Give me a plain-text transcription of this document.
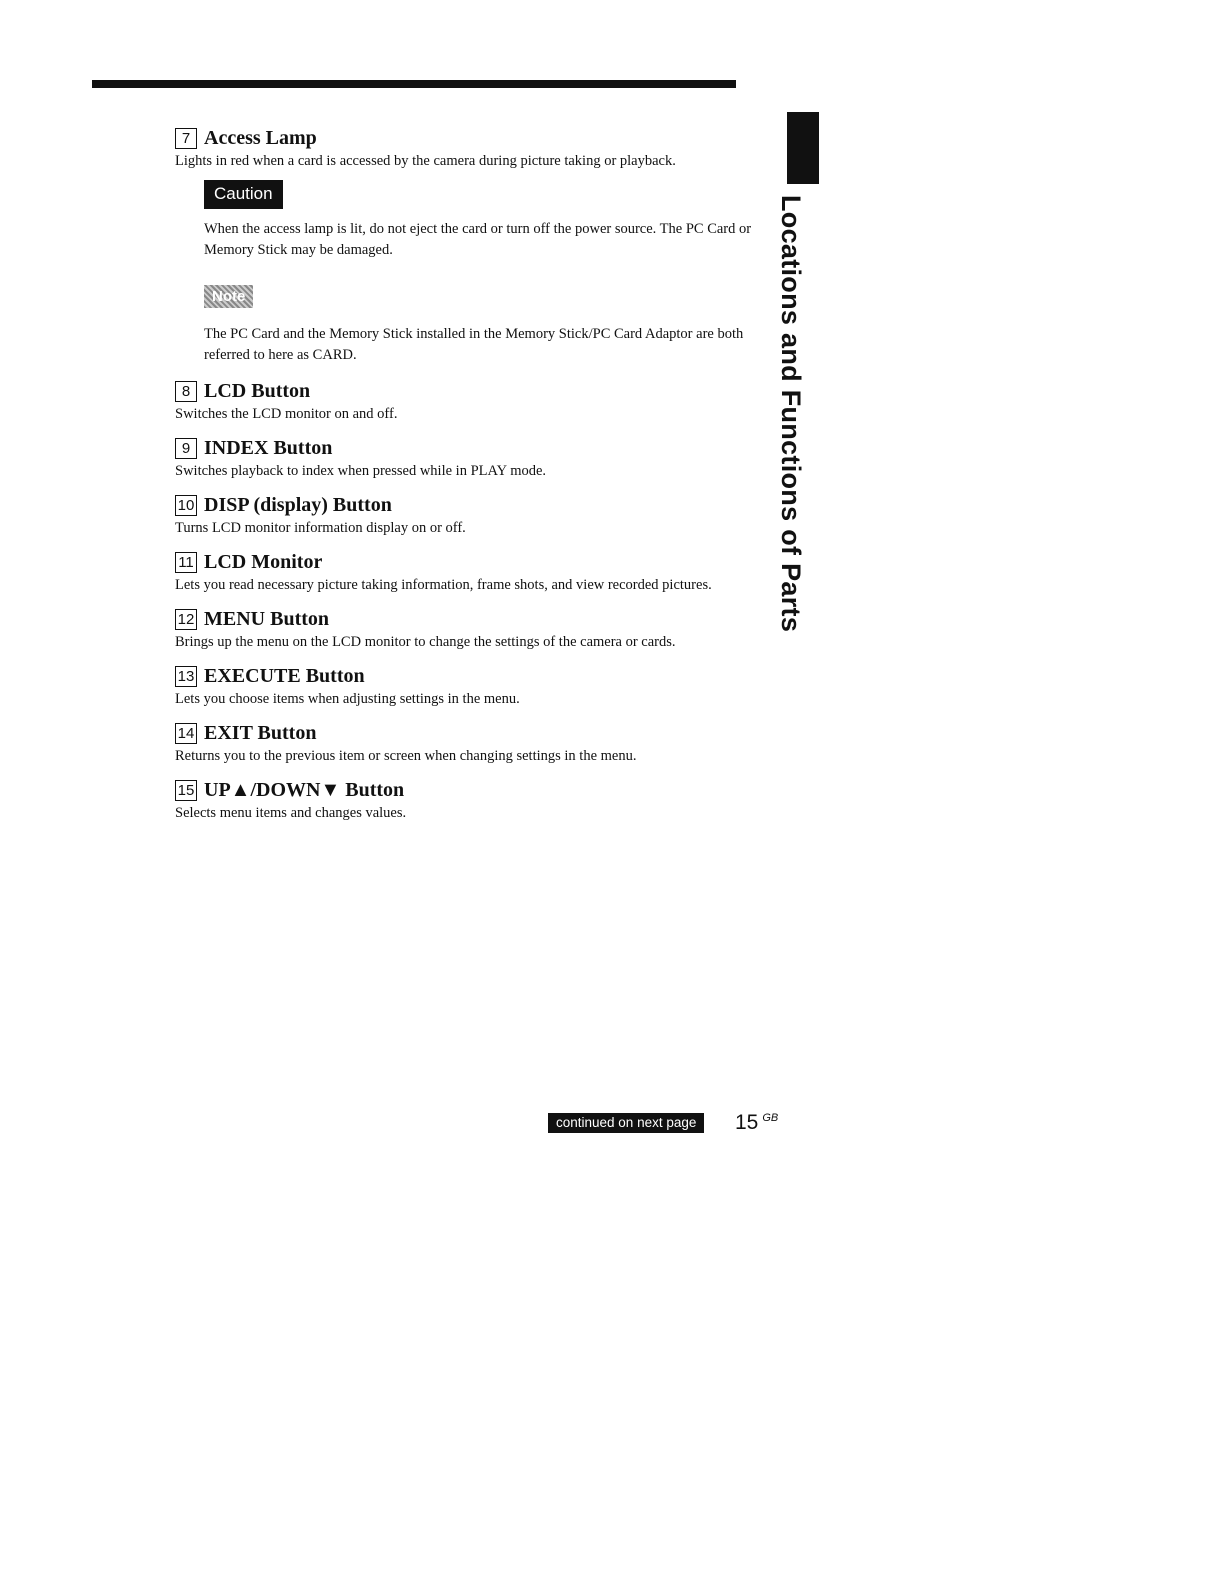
Locations and Functions of Parts
7 Access Lamp

Lights in red when a card is accessed by the camera during picture taking or playback.

Caution

When the access lamp is lit, do not eject the card or turn off the power source. The PC Card or Memory Stick may be damaged.

Note

The PC Card and the Memory Stick installed in the Memory Stick/PC Card Adaptor are both referred to here as CARD.

8 LCD Button

Switches the LCD monitor on and off.

9 INDEX Button

Switches playback to index when pressed while in PLAY mode.

10 DISP (display) Button

Turns LCD monitor information display on or off.

11 LCD Monitor

Lets you read necessary picture taking information, frame shots, and view recorded pictures.

12 MENU Button

Brings up the menu on the LCD monitor to change the settings of the camera or cards.

13 EXECUTE Button

Lets you choose items when adjusting settings in the menu.

14 EXIT Button

Returns you to the previous item or screen when changing settings in the menu.

15 UP▲/DOWN▼ Button

Selects menu items and changes values.

continued on next page	15 $^{GB}$
